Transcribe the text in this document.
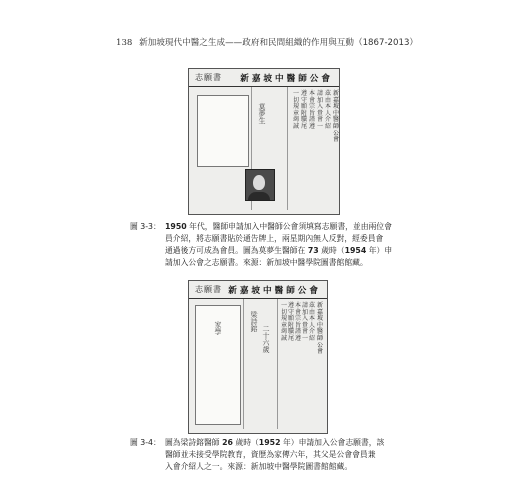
138 新加坡現代中醫之生成——政府和民間組織的作用與互動（1867-2013）
志願書 新嘉坡中醫師公會
一切規章竭誠
遵守願附驥尾
本會宗旨謹遵
請加入貴會一
茲由本人介紹
新嘉坡中醫師公會
莫夢生
圖 3-3： 1950 年代，醫師申請加入中醫師公會須填寫志願書，並由兩位會
員介紹，將志願書貼於通告牌上，兩星期內無人反對，經委員會
通過後方可成為會員。圖為莫夢生醫師在 73 歲時（1954 年）申
請加入公會之志願書。來源：新加坡中醫學院圖書館館藏。
志願書 新嘉坡中醫師公會
一切規章竭誠
遵守願附驥尾
本會宗旨謹遵
請加入貴會一
茲由本人介紹
新嘉坡中醫師公會
梁詩鎔
二十六歲
家學
圖 3-4： 圖為梁詩鎔醫師 26 歲時（1952 年）申請加入公會志願書，該
醫師並未接受學院教育，資歷為家傳六年，其父是公會會員兼
入會介紹人之一。來源：新加坡中醫學院圖書館館藏。
